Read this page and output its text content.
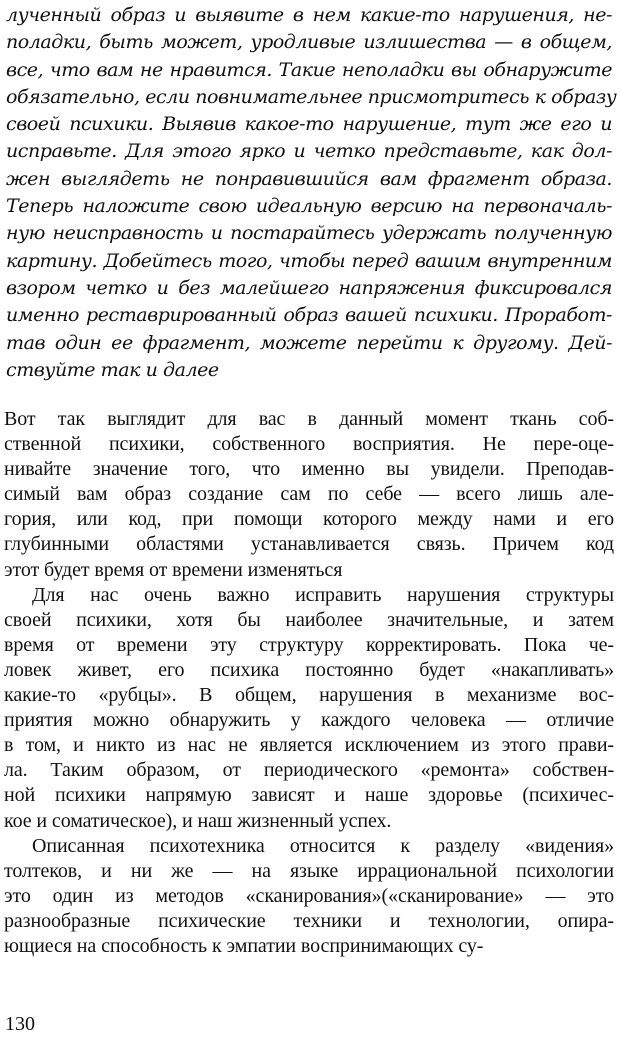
лученный образ и выявите в нем какие-то нарушения, не-
поладки, быть может, уродливые излишества — в общем,
все, что вам не нравится. Такие неполадки вы обнаружите
обязательно, если повнимательнее присмотритесь к образу
своей психики. Выявив какое-то нарушение, тут же его и
исправьте. Для этого ярко и четко представьте, как дол-
жен выглядеть не понравившийся вам фрагмент образа.
Теперь наложите свою идеальную версию на первоначаль-
ную неисправность и постарайтесь удержать полученную
картину. Добейтесь того, чтобы перед вашим внутренним
взором четко и без малейшего напряжения фиксировался
именно реставрированный образ вашей психики. Проработ-
тав один ее фрагмент, можете перейти к другому. Дей-
ствуйте так и далее
Вот так выглядит для вас в данный момент ткань соб-
ственной психики, собственного восприятия. Не пере-оце-
нивайте значение того, что именно вы увидели. Преподав-
симый вам образ создание сам по себе — всего лишь але-
гория, или код, при помощи которого между нами и его
глубинными областями устанавливается связь. Причем код
этот будет время от времени изменяться
Для нас очень важно исправить нарушения структуры
своей психики, хотя бы наиболее значительные, и затем
время от времени эту структуру корректировать. Пока че-
ловек живет, его психика постоянно будет «накапливать»
какие-то «рубцы». В общем, нарушения в механизме вос-
приятия можно обнаружить у каждого человека — отличие
в том, и никто из нас не является исключением из этого прави-
ла. Таким образом, от периодического «ремонта» собствен-
ной психики напрямую зависят и наше здоровье (психичес-
кое и соматическое), и наш жизненный успех.
Описанная психотехника относится к разделу «видения»
толтеков, и ни же — на языке иррациональной психологии
это один из методов «сканирования»(«сканирование» — это
разнообразные психические техники и технологии, опира-
ющиеся на способность к эмпатии воспринимающих су-
130
